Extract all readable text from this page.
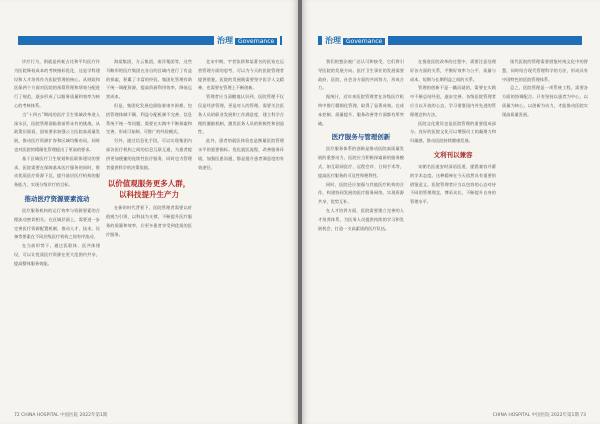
治理 Governance

诊疗行为，则就是药耗占比和平均医疗作为医院降低成本的考核指标优化，这是学科建设和人才培养作为医院管理的核心。从财政和医保两个方面对医院的预算管理和绩效分配进行了规范，逐步形成了以服务质量和效率为核心的考核体系。

当“十四五”期间的医疗卫生领域改革进入深水区，医院管理面临着前所未有的挑战。从政策层面看，国家要求加强公立医院高质量发展，推动医疗资源扩容和区域均衡布局，同时也对医院的精细化管理提出了更高的要求。

基于区域医疗卫生规划和医联体建设的要求，医院需要在保障基本医疗服务的同时，推动优质医疗资源下沉，提升基层医疗机构的服务能力，实现分级诊疗的目标。

推动医疗资源要素流动

医疗服务机构的运行效率与资源要素的合理流动密切相关。在区域层面上，需要进一步完善医疗资源配置机制，推动人才、技术、设备等要素在不同层级医疗机构之间有序流动。

在当前形势下，通过医联体、医共体建设，可以让优质医疗资源在更大范围内共享，提高整体服务效能。

海棠集团，方云集团，南洋集团等，这些马鞍形的医疗集团在各自的区域内进行了有益的探索，积累了丰富的经验。集团化管理有助于统一调配资源，提高资源利用效率，降低运营成本。

但是，集团化发展也面临着诸多困难，包括管理体制不顺、利益分配机制不完善、信息系统不统一等问题。需要在实践中不断探索和完善，形成可复制、可推广的经验模式。

另外，通过信息化手段，可以实现集团内部各医疗机构之间的信息互联互通，为患者提供更加便捷的连续性医疗服务，同时也为管理者提供科学的决策依据。

以价值观服务更多人群，
以科技提升生产力

在新的时代背景下，医院管理者需要以价值观为引领，以科技为支撑，不断提升医疗服务的质量和效率，让更多患者享受到优质的医疗服务。

北宋中期，宇者张拱和某著名的医家在运营管理方面的思考，可以为今天的医院管理者提供借鉴。医院的发展既需要坚守医学人文精神，也需要在管理上不断创新。

管理者应当清醒地认识到，医院管理不仅仅是经济管理，更是对人的管理。需要关注医务人员的职业发展和工作满意度，建立科学合理的激励机制，激发医务人员的积极性和创造性。

此外，患者的就医体验也是衡量医院管理水平的重要指标。优化就医流程，改善服务环境，加强医患沟通，都是提升患者满意度的有效途径。

72 CHINA HOSPITAL 中国医院 2022年第1期
治理 Governance

我们的想法被广泛认可和接受，它们将引导医院的发展方向。医疗卫生事业的发展需要政府、医院、社会各方面的共同努力，形成合力。

据统计，近年来医院管理者在各级医疗机构中推行精细化管理，取得了显著成效。在成本控制、质量提升、服务改善等方面都有所突破。

医疗服务与管理创新

医疗服务体系的创新是推动医院高质量发展的重要动力。医院应当积极探索新的服务模式，如互联网医疗、远程会诊、日间手术等，提高医疗服务的可及性和便利性。

同时，医院还应加强与其他医疗机构的合作，构建协同发展的医疗服务网络，实现资源共享、优势互补。

在人才培养方面，医院需要建立完善的人才培养体系，为医务人员提供持续的学习和发展机会，打造一支高素质的医疗队伍。

在推进医院改革的过程中，需要注意处理好各方面的关系，平衡好效率与公平、质量与成本、短期与长期利益之间的关系。

管理的创新不是一蹴而就的，需要在实践中不断总结经验，逐步完善。各级医院管理者应当以开放的心态，学习借鉴国内外先进的管理理念和方法。

医院文化建设也是医院管理的重要组成部分。良好的医院文化可以增强员工的凝聚力和归属感，推动医院持续健康发展。

文利刊以兼容

宋朝名医庞安时深谙医道，提倡兼容并蓄的学术态度。这种精神在今天依然具有重要的借鉴意义。医院管理者应当以包容的心态对待不同的管理理念，博采众长，不断提升自身的管理水平。

现代医院的管理需要借鉴传统文化中的智慧，同时结合现代管理科学的方法，形成具有中国特色的医院管理体系。

总之，医院管理是一项系统工程，需要各方面的协调配合。只有坚持以患者为中心，以质量为核心，以创新为动力，才能推动医院实现高质量发展。

CHINA HOSPITAL 中国医院 2022年第1期 73
